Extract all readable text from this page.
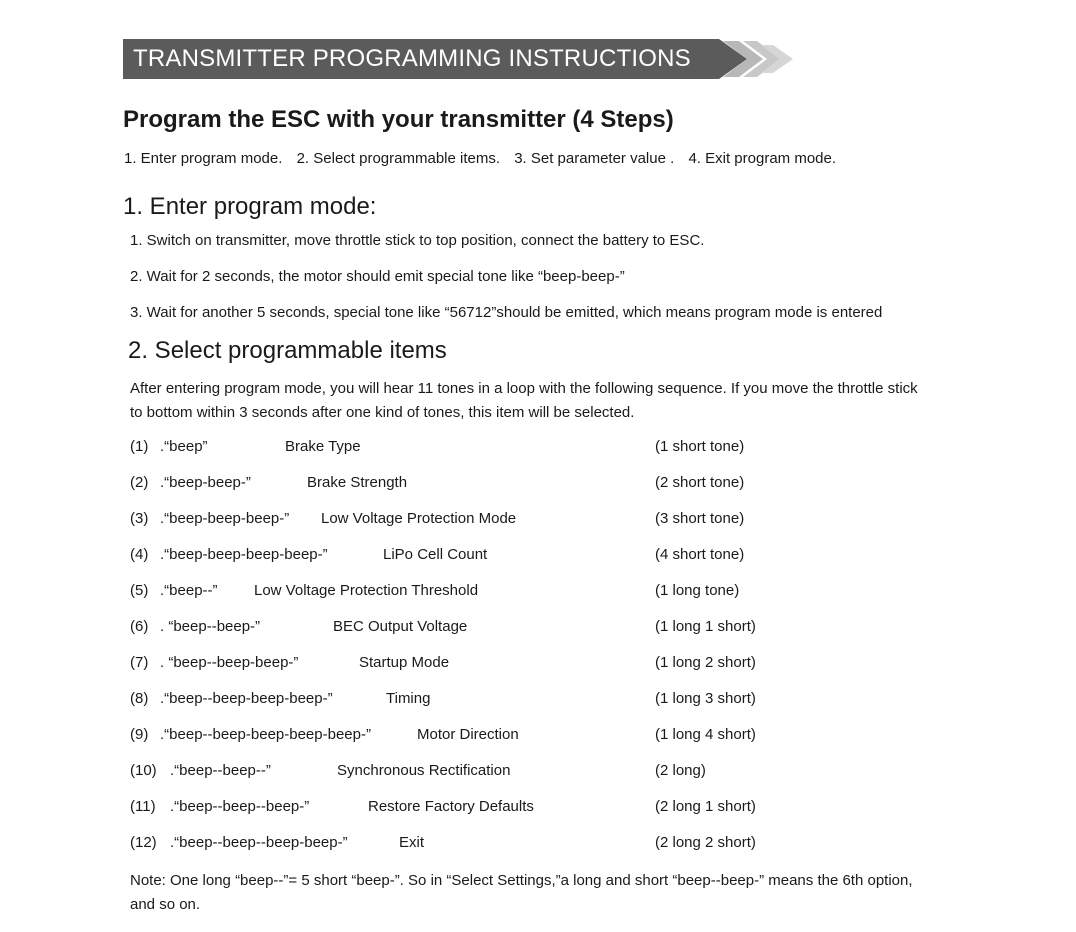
TRANSMITTER PROGRAMMING INSTRUCTIONS
Program the ESC with your transmitter (4 Steps)
1. Enter program mode. 2. Select programmable items. 3. Set parameter value . 4. Exit program mode.
1. Enter program mode:
1. Switch on transmitter, move throttle stick to top position, connect the battery to ESC.
2. Wait for 2 seconds, the motor should emit special tone like “beep-beep-”
3. Wait for another 5 seconds, special tone like “56712”should be emitted, which means program mode is entered
2. Select programmable items
After entering program mode, you will hear 11 tones in a loop with the following sequence. If you move the throttle stick to bottom within 3 seconds after one kind of tones, this item will be selected.
(1) .“beep”	Brake Type	(1 short tone)
(2) .“beep-beep-”	Brake Strength	(2 short tone)
(3) .“beep-beep-beep-” Low Voltage Protection Mode	(3 short tone)
(4) .“beep-beep-beep-beep-”	LiPo Cell Count	(4 short tone)
(5) .“beep--” Low Voltage Protection Threshold	(1 long tone)
(6) . “beep--beep-”	BEC Output Voltage	(1 long 1 short)
(7) . “beep--beep-beep-”	Startup Mode	(1 long 2 short)
(8) .“beep--beep-beep-beep-”	Timing	(1 long 3 short)
(9) .“beep--beep-beep-beep-beep-”	Motor Direction	(1 long 4 short)
(10) .“beep--beep--”	Synchronous Rectification	(2 long)
(11) .“beep--beep--beep-”	Restore Factory Defaults	(2 long 1 short)
(12) .“beep--beep--beep-beep-”	Exit	(2 long 2 short)
Note: One long “beep--”= 5 short “beep-”. So in “Select Settings,”a long and short “beep--beep-” means the 6th option, and so on.
